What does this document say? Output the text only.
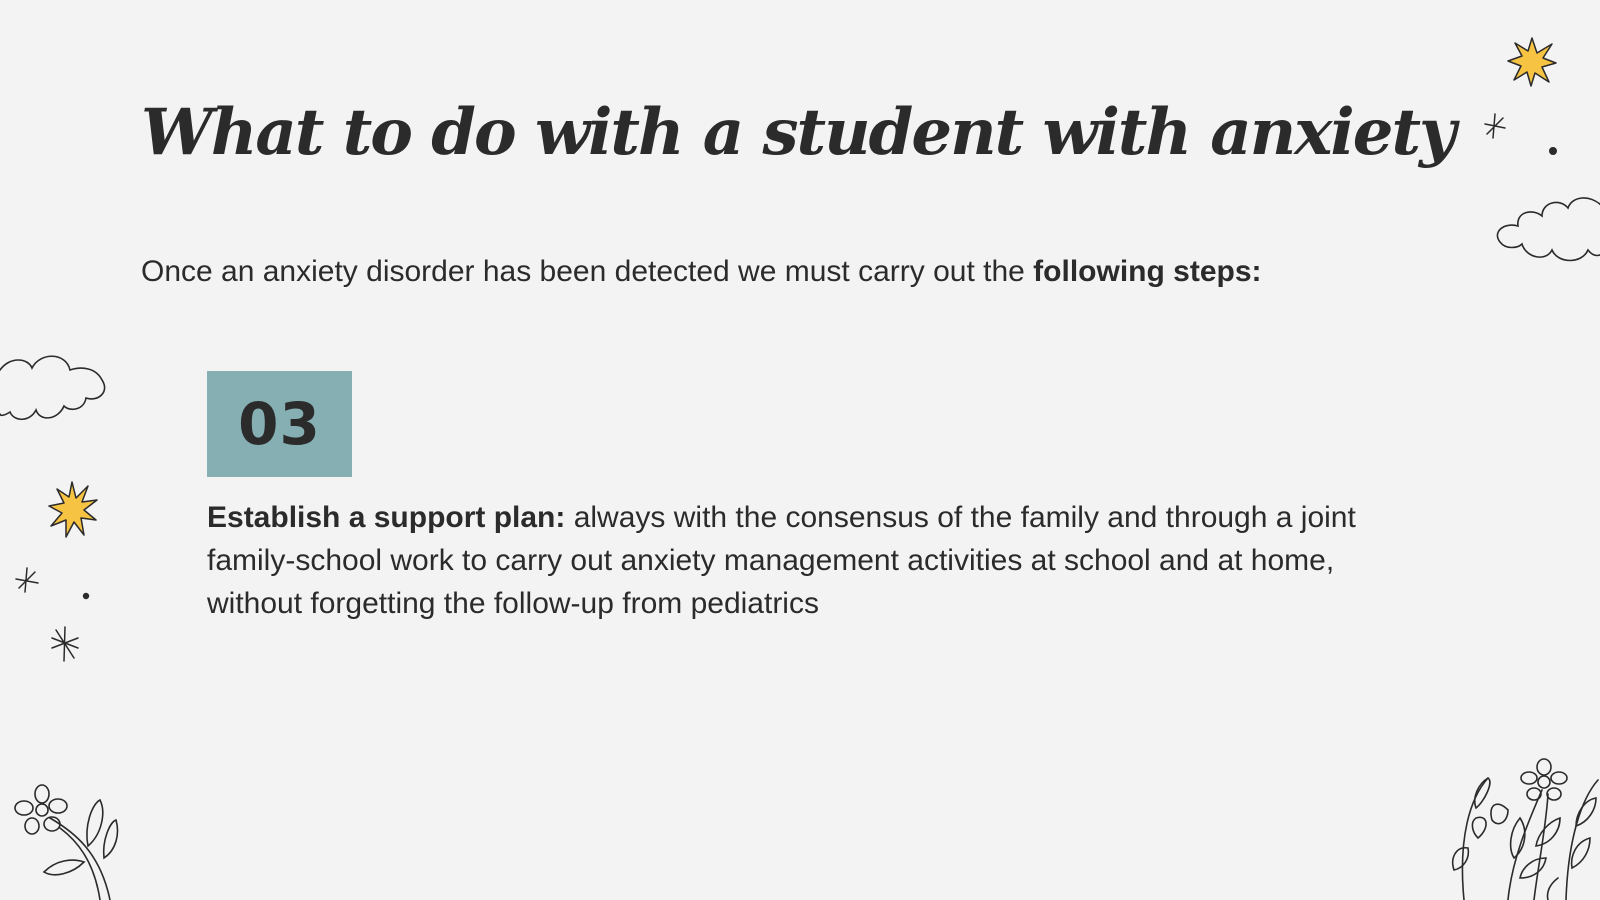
What to do with a student with anxiety

Once an anxiety disorder has been detected we must carry out the following steps:

03

Establish a support plan: always with the consensus of the family and through a joint family-school work to carry out anxiety management activities at school and at home, without forgetting the follow-up from pediatrics
